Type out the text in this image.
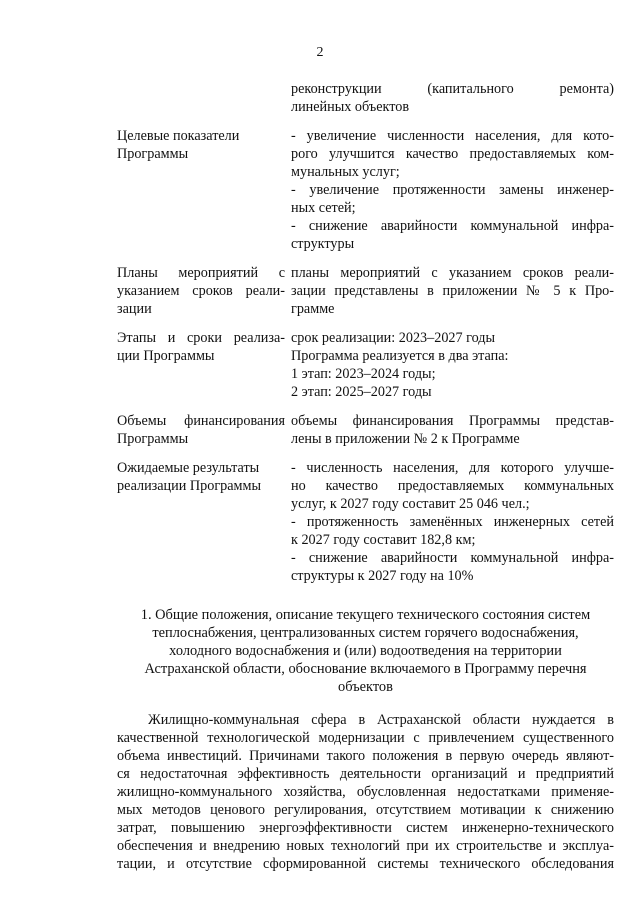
2
реконструкции (капитального ремонта)
линейных объектов
Целевые показатели
Программы
- увеличение численности населения, для кото-
рого улучшится качество предоставляемых ком-
мунальных услуг;
- увеличение протяженности замены инженер-
ных сетей;
- снижение аварийности коммунальной инфра-
структуры
Планы мероприятий с
указанием сроков реали-
зации
планы мероприятий с указанием сроков реали-
зации представлены в приложении № 5 к Про-
грамме
Этапы и сроки реализа-
ции Программы
срок реализации: 2023–2027 годы
Программа реализуется в два этапа:
1 этап: 2023–2024 годы;
2 этап: 2025–2027 годы
Объемы финансирования
Программы
объемы финансирования Программы представ-
лены в приложении № 2 к Программе
Ожидаемые результаты
реализации Программы
- численность населения, для которого улучше-
но качество предоставляемых коммунальных
услуг, к 2027 году составит 25 046 чел.;
- протяженность заменённых инженерных сетей
к 2027 году составит 182,8 км;
- снижение аварийности коммунальной инфра-
структуры к 2027 году на 10%
1. Общие положения, описание текущего технического состояния систем
теплоснабжения, централизованных систем горячего водоснабжения,
холодного водоснабжения и (или) водоотведения на территории
Астраханской области, обоснование включаемого в Программу перечня
объектов
Жилищно-коммунальная сфера в Астраханской области нуждается в
качественной технологической модернизации с привлечением существенного
объема инвестиций. Причинами такого положения в первую очередь являют-
ся недостаточная эффективность деятельности организаций и предприятий
жилищно-коммунального хозяйства, обусловленная недостатками применяе-
мых методов ценового регулирования, отсутствием мотивации к снижению
затрат, повышению энергоэффективности систем инженерно-технического
обеспечения и внедрению новых технологий при их строительстве и эксплуа-
тации, и отсутствие сформированной системы технического обследования
